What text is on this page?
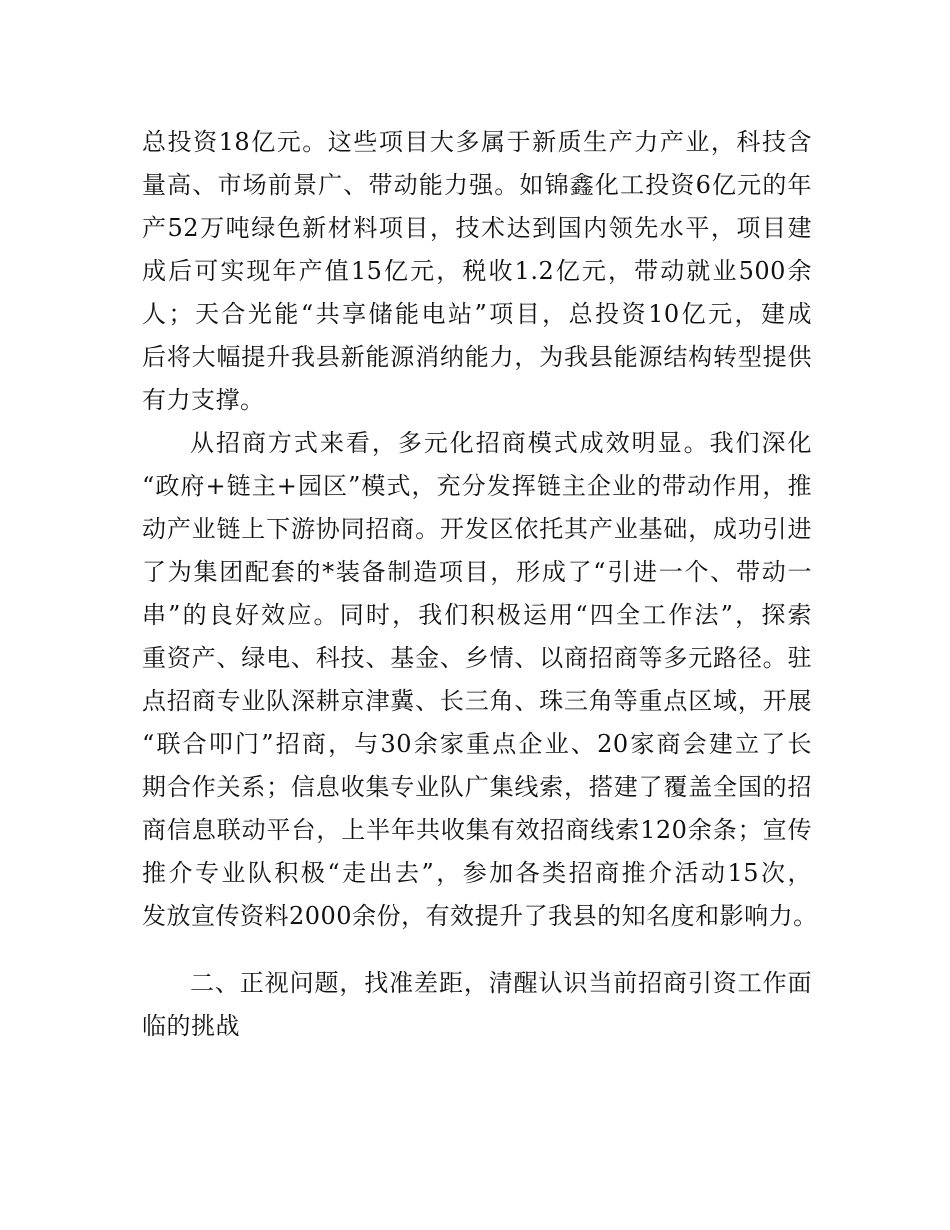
总投资18亿元。这些项目大多属于新质生产力产业，科技含
量高、市场前景广、带动能力强。如锦鑫化工投资6亿元的年
产52万吨绿色新材料项目，技术达到国内领先水平，项目建
成后可实现年产值15亿元，税收1.2亿元，带动就业500余
人；天合光能“共享储能电站”项目，总投资10亿元，建成
后将大幅提升我县新能源消纳能力，为我县能源结构转型提供
有力支撑。
从招商方式来看，多元化招商模式成效明显。我们深化
“政府+链主+园区”模式，充分发挥链主企业的带动作用，推
动产业链上下游协同招商。开发区依托其产业基础，成功引进
了为集团配套的*装备制造项目，形成了“引进一个、带动一
串”的良好效应。同时，我们积极运用“四全工作法”，探索
重资产、绿电、科技、基金、乡情、以商招商等多元路径。驻
点招商专业队深耕京津冀、长三角、珠三角等重点区域，开展
“联合叩门”招商，与30余家重点企业、20家商会建立了长
期合作关系；信息收集专业队广集线索，搭建了覆盖全国的招
商信息联动平台，上半年共收集有效招商线索120余条；宣传
推介专业队积极“走出去”，参加各类招商推介活动15次，
发放宣传资料2000余份，有效提升了我县的知名度和影响力。
二、正视问题，找准差距，清醒认识当前招商引资工作面
临的挑战
